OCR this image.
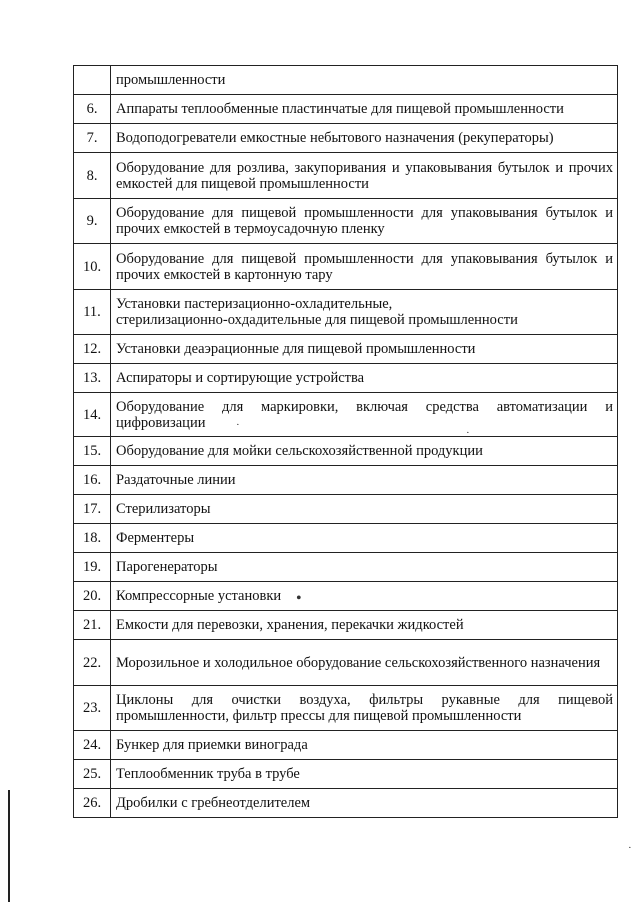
	промышленности
6.	Аппараты теплообменные пластинчатые для пищевой промышленности
7.	Водоподогреватели емкостные небытового назначения (рекуператоры)
8.	Оборудование для розлива, закупоривания и упаковывания бутылок и прочих емкостей для пищевой промышленности
9.	Оборудование для пищевой промышленности для упаковывания бутылок и прочих емкостей в термоусадочную пленку
10.	Оборудование для пищевой промышленности для упаковывания бутылок и прочих емкостей в картонную тару
11.	Установки пастеризационно-охладительные,
стерилизационно-охдадительные для пищевой промышленности

12.	Установки деаэрационные для пищевой промышленности
13.	Аспираторы и сортирующие устройства
14.	Оборудование для маркировки, включая средства автоматизации и цифровизации
15.	Оборудование для мойки сельскохозяйственной продукции
16.	Раздаточные линии
17.	Стерилизаторы
18.	Ферментеры
19.	Парогенераторы
20.	Компрессорные установки
21.	Емкости для перевозки, хранения, перекачки жидкостей
22.	Морозильное и холодильное оборудование сельскохозяйственного назначения
23.	Циклоны для очистки воздуха, фильтры рукавные для пищевой промышленности, фильтр прессы для пищевой промышленности
24.	Бункер для приемки винограда
25.	Теплообменник труба в трубе
26.	Дробилки с гребнеотделителем
•
·
·
·
